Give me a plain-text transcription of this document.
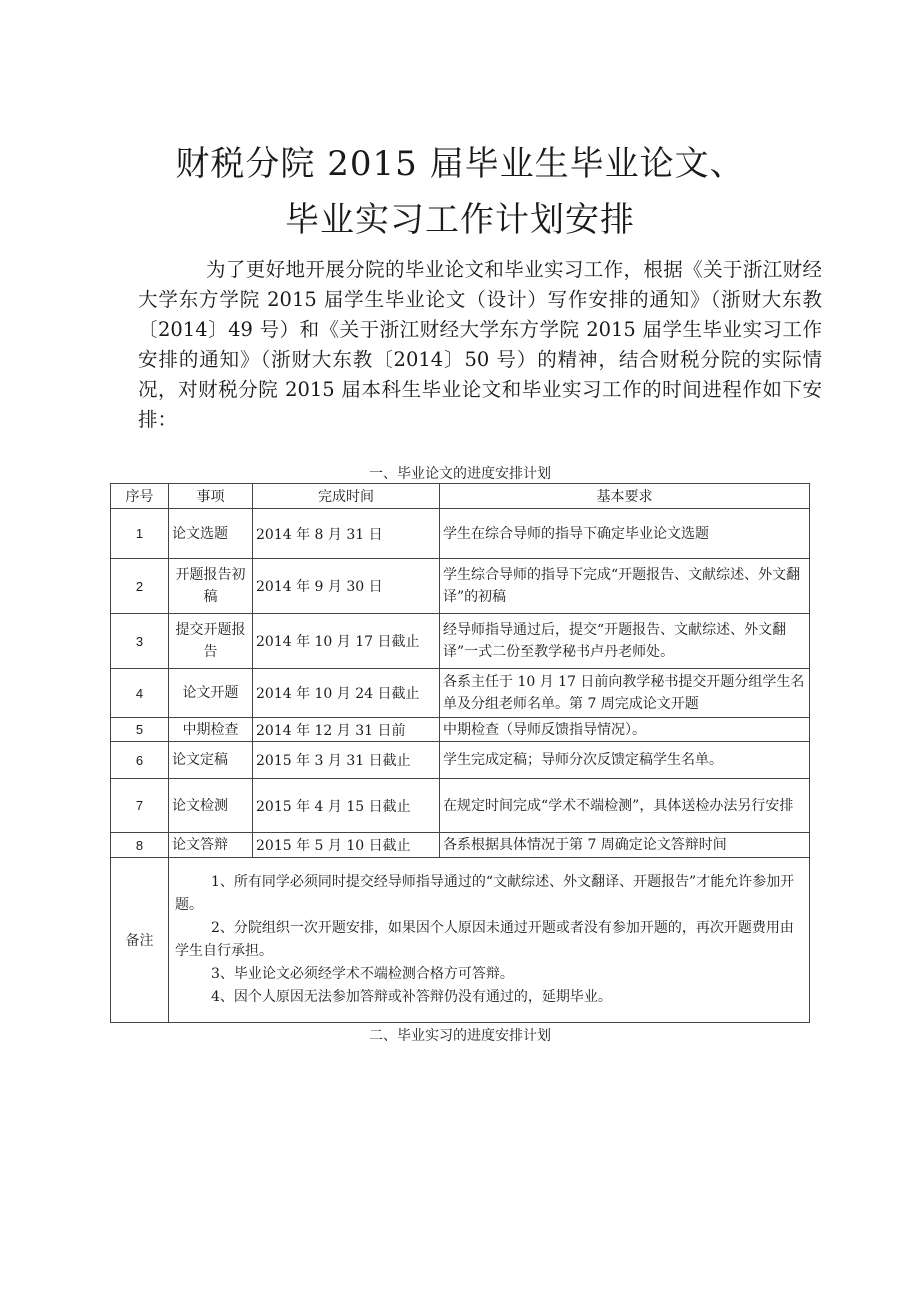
财税分院 2015 届毕业生毕业论文、
毕业实习工作计划安排
为了更好地开展分院的毕业论文和毕业实习工作，根据《关于浙江财经大学东方学院 2015 届学生毕业论文（设计）写作安排的通知》（浙财大东教〔2014〕49 号）和《关于浙江财经大学东方学院 2015 届学生毕业实习工作安排的通知》（浙财大东教〔2014〕50 号）的精神，结合财税分院的实际情况，对财税分院 2015 届本科生毕业论文和毕业实习工作的时间进程作如下安排：
一、毕业论文的进度安排计划
序号	事项	完成时间	基本要求
1	论文选题	2014 年 8 月 31 日	学生在综合导师的指导下确定毕业论文选题
2	开题报告初稿	2014 年 9 月 30 日	学生综合导师的指导下完成“开题报告、文献综述、外文翻译”的初稿
3	提交开题报告	2014 年 10 月 17 日截止	经导师指导通过后，提交“开题报告、文献综述、外文翻译”一式二份至教学秘书卢丹老师处。
4	论文开题	2014 年 10 月 24 日截止	各系主任于 10 月 17 日前向教学秘书提交开题分组学生名单及分组老师名单。第 7 周完成论文开题
5	中期检查	2014 年 12 月 31 日前	中期检查（导师反馈指导情况）。
6	论文定稿	2015 年 3 月 31 日截止	学生完成定稿；导师分次反馈定稿学生名单。
7	论文检测	2015 年 4 月 15 日截止	在规定时间完成“学术不端检测”，具体送检办法另行安排
8	论文答辩	2015 年 5 月 10 日截止	各系根据具体情况于第 7 周确定论文答辩时间
备注	1、所有同学必须同时提交经导师指导通过的“文献综述、外文翻译、开题报告”才能允许参加开题。

2、分院组织一次开题安排，如果因个人原因未通过开题或者没有参加开题的，再次开题费用由学生自行承担。

3、毕业论文必须经学术不端检测合格方可答辩。

4、因个人原因无法参加答辩或补答辩仍没有通过的，延期毕业。		

二、毕业实习的进度安排计划
